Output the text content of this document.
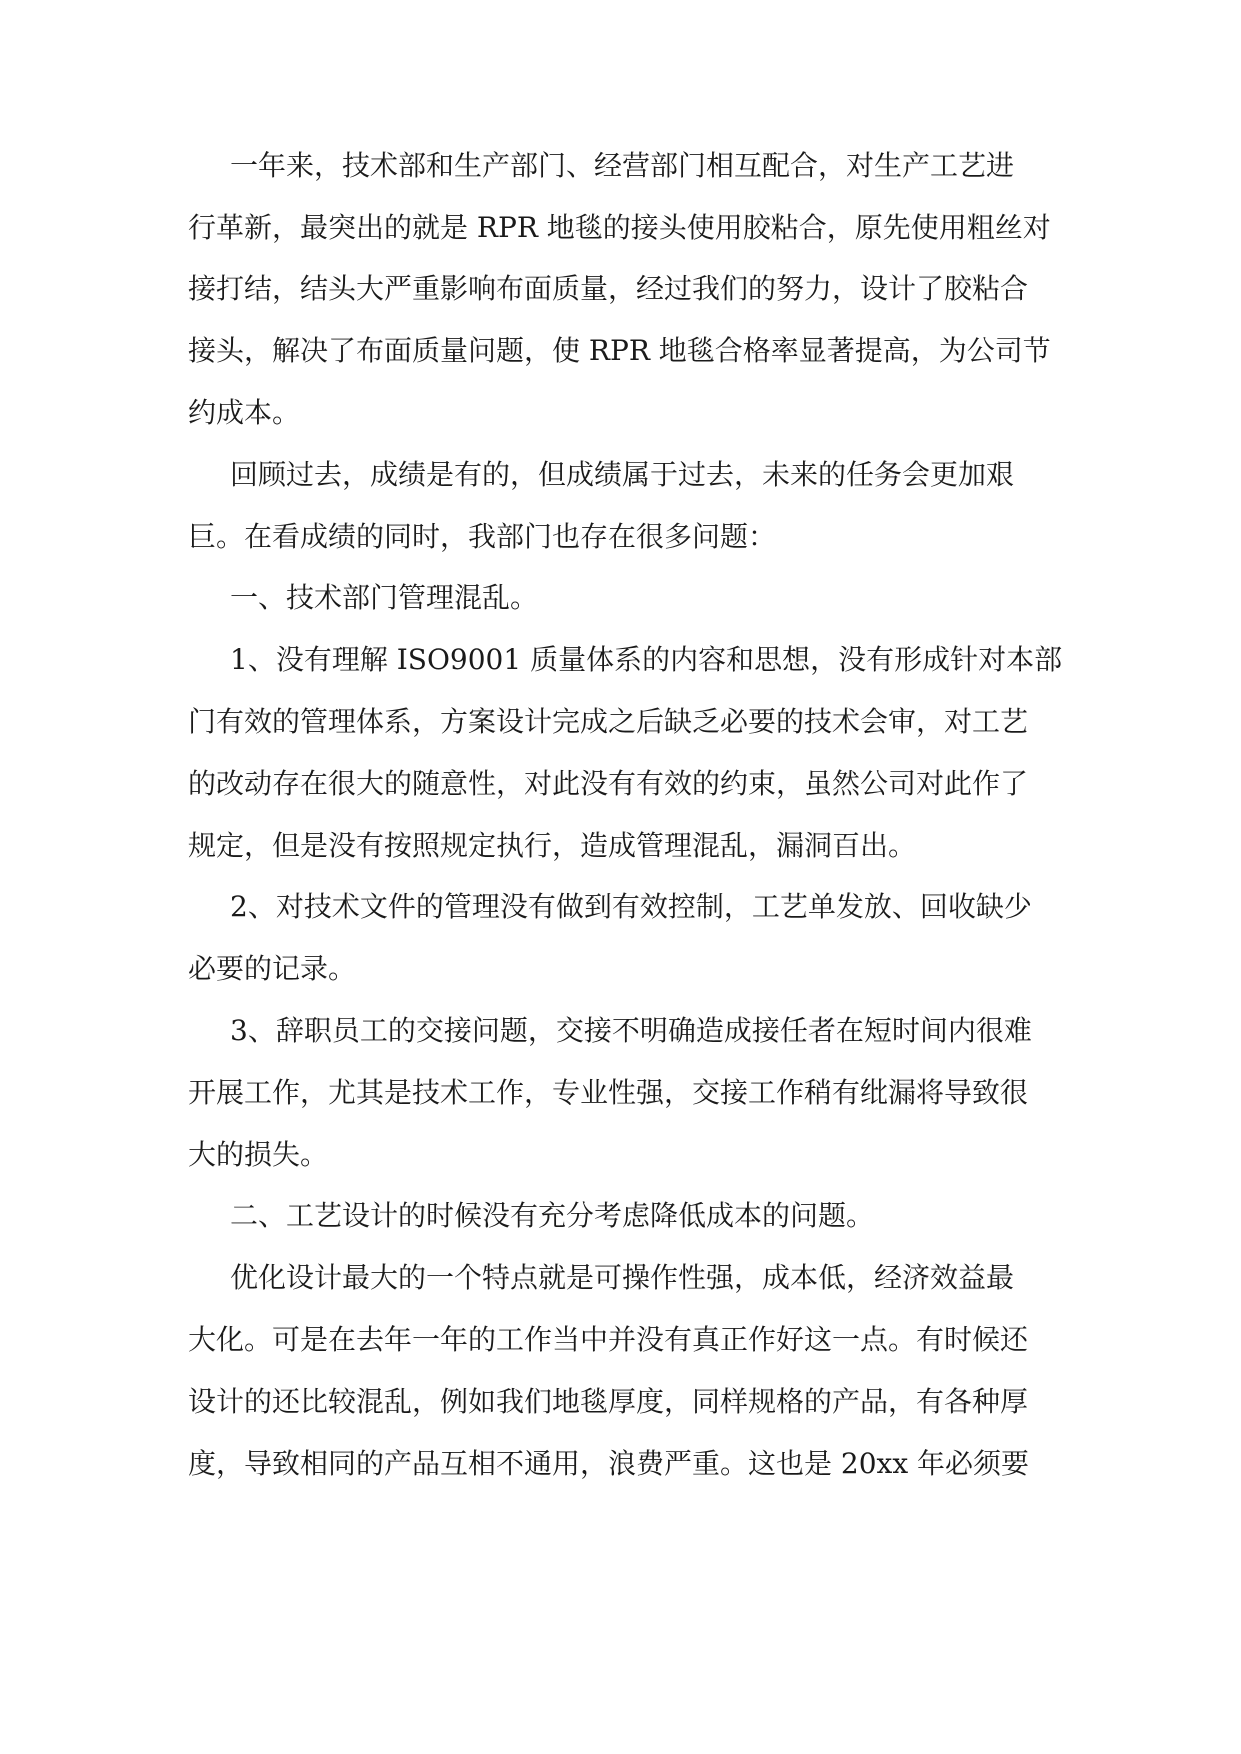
一年来，技术部和生产部门、经营部门相互配合，对生产工艺进
行革新，最突出的就是 RPR 地毯的接头使用胶粘合，原先使用粗丝对
接打结，结头大严重影响布面质量，经过我们的努力，设计了胶粘合
接头，解决了布面质量问题，使 RPR 地毯合格率显著提高，为公司节
约成本。
回顾过去，成绩是有的，但成绩属于过去，未来的任务会更加艰
巨。在看成绩的同时，我部门也存在很多问题：
一、技术部门管理混乱。
1、没有理解 ISO9001 质量体系的内容和思想，没有形成针对本部
门有效的管理体系，方案设计完成之后缺乏必要的技术会审，对工艺
的改动存在很大的随意性，对此没有有效的约束，虽然公司对此作了
规定，但是没有按照规定执行，造成管理混乱，漏洞百出。
2、对技术文件的管理没有做到有效控制，工艺单发放、回收缺少
必要的记录。
3、辞职员工的交接问题，交接不明确造成接任者在短时间内很难
开展工作，尤其是技术工作，专业性强，交接工作稍有纰漏将导致很
大的损失。
二、工艺设计的时候没有充分考虑降低成本的问题。
优化设计最大的一个特点就是可操作性强，成本低，经济效益最
大化。可是在去年一年的工作当中并没有真正作好这一点。有时候还
设计的还比较混乱，例如我们地毯厚度，同样规格的产品，有各种厚
度，导致相同的产品互相不通用，浪费严重。这也是 20xx 年必须要
